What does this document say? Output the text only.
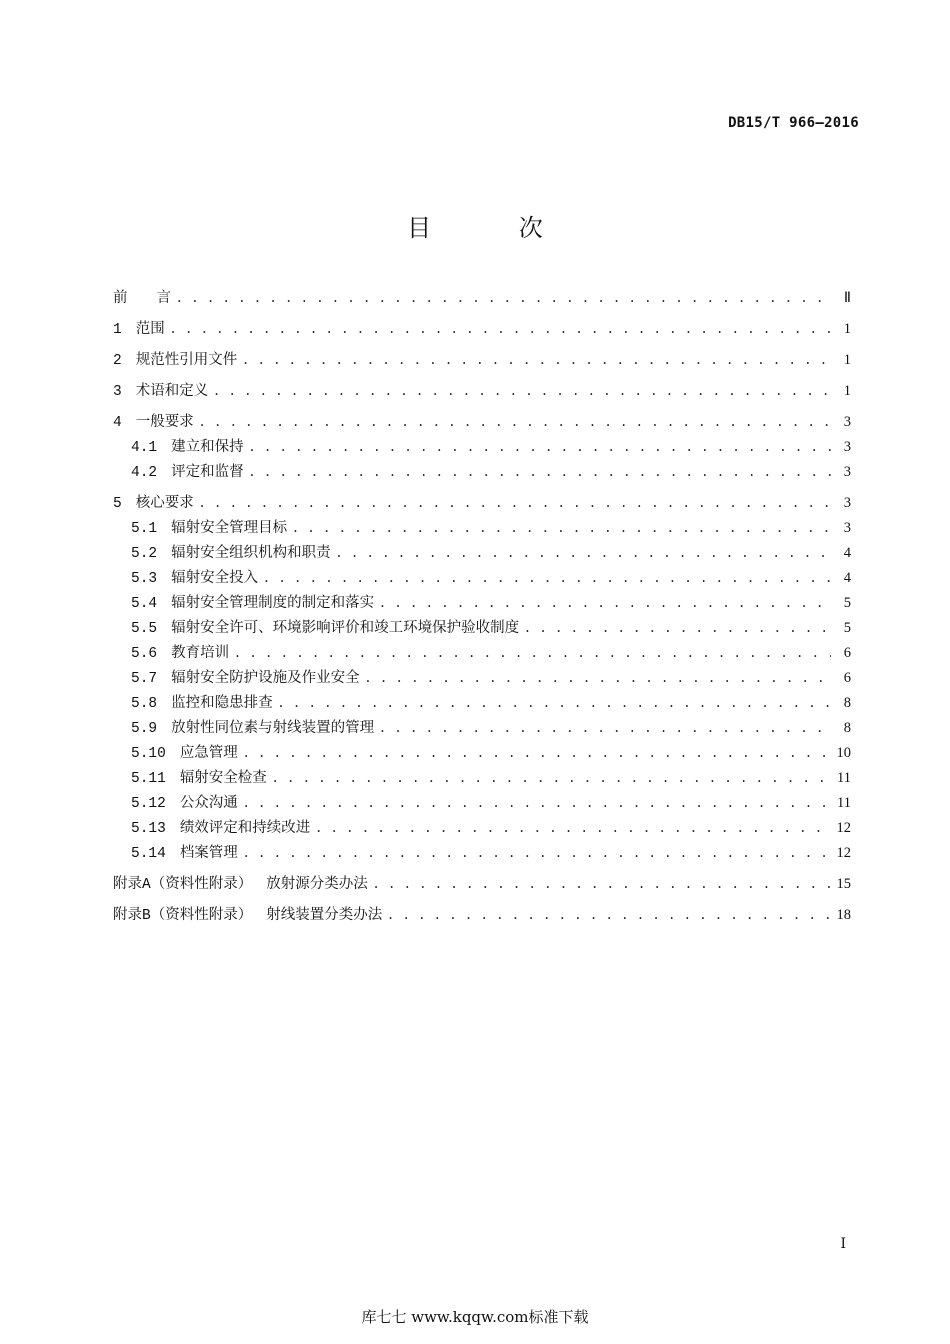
DB15/T 966—2016
目 次
前　　言 . . .	Ⅱ
1 范围 . . .	1
2 规范性引用文件 . . .	1
3 术语和定义 . . .	1
4 一般要求 . . .	3
4.1 建立和保持 . . .	3
4.2 评定和监督 . . .	3
5 核心要求 . . .	3
5.1 辐射安全管理目标 . . .	3
5.2 辐射安全组织机构和职责 . . .	4
5.3 辐射安全投入 . . .	4
5.4 辐射安全管理制度的制定和落实 . . .	5
5.5 辐射安全许可、环境影响评价和竣工环境保护验收制度 . . .	5
5.6 教育培训 . . .	6
5.7 辐射安全防护设施及作业安全 . . .	6
5.8 监控和隐患排查 . . .	8
5.9 放射性同位素与射线装置的管理 . . .	8
5.10 应急管理 . . .	10
5.11 辐射安全检查 . . .	11
5.12 公众沟通 . . .	11
5.13 绩效评定和持续改进 . . .	12
5.14 档案管理 . . .	12
附录A（资料性附录） 放射源分类办法 . . .	15
附录B（资料性附录） 射线装置分类办法 . . .	18
I
库七七 www.kqqw.com标准下载
